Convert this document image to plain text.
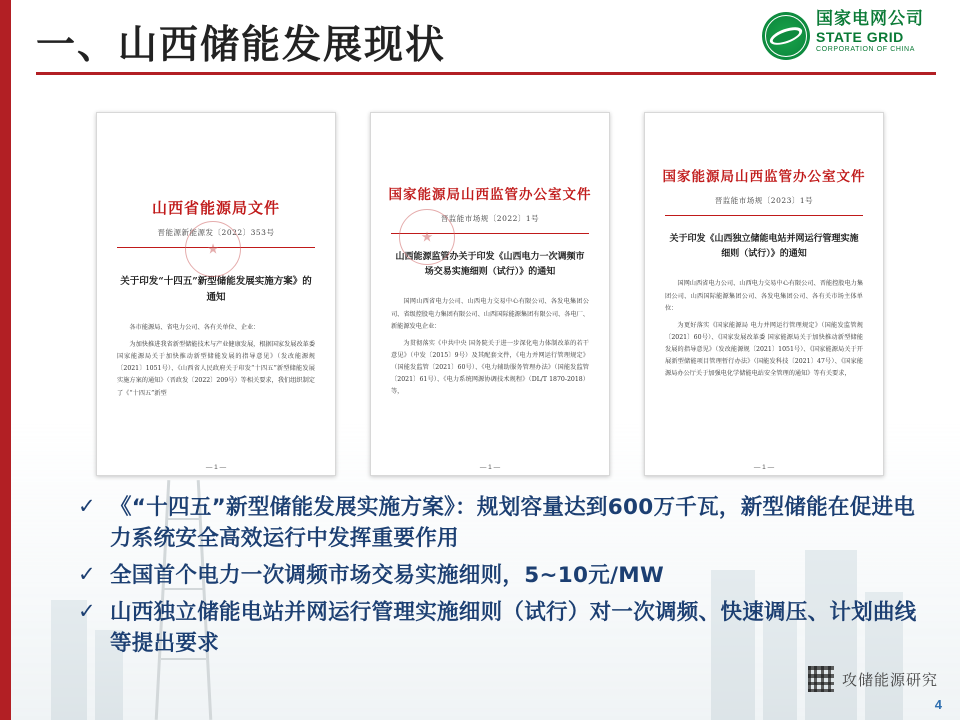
一、山西储能发展现状
国家电网公司
STATE GRID
CORPORATION OF CHINA
山西省能源局文件
晋能源新能源发〔2022〕353号
关于印发“十四五”新型储能发展实施方案》的通知

各市能源局、省电力公司、各有关单位、企业：

为加快推进我省新型储能技术与产业健康发展，根据国家发展改革委 国家能源局关于加快推动新型储能发展的指导意见》（发改能源规〔2021〕1051号）、《山西省人民政府关于印发“十四五”新型储能发展实施方案的通知》（晋政发〔2022〕209号）等相关要求，我们组织制定了《“十四五”新型

★
— 1 —
国家能源局山西监管办公室文件
晋监能市场规〔2022〕1号
山西能源监管办关于印发《山西电力一次调频市场交易实施细则（试行）》的通知

国网山西省电力公司、山西电力交易中心有限公司、各发电集团公司、省级控股电力集团有限公司、山西国际能源集团有限公司、各电厂、新能源发电企业：

为贯彻落实《中共中央 国务院关于进一步深化电力体制改革的若干意见》（中发〔2015〕9号）及其配套文件，《电力并网运行管理规定》（国能发监管〔2021〕60号）、《电力辅助服务管理办法》（国能发监管〔2021〕61号）、《电力系统网源协调技术规程》（DL/T 1870-2018）等，

★
— 1 —
国家能源局山西监管办公室文件
晋监能市场规〔2023〕1号
关于印发《山西独立储能电站并网运行管理实施细则（试行）》的通知

国网山西省电力公司、山西电力交易中心有限公司、晋能控股电力集团公司、山西国际能源集团公司、各发电集团公司、各有关市场主体单位：

为更好落实《国家能源局 电力并网运行管理规定》（国能发监管规〔2021〕60号）、《国家发展改革委 国家能源局关于加快推动新型储能发展的指导意见》（发改能源规〔2021〕1051号）、《国家能源局关于开展新型储能项目管理暂行办法》（国能发科技〔2021〕47号）、《国家能源局办公厅关于加强电化学储能电站安全管理的通知》等有关要求，

— 1 —
✓ 《“十四五”新型储能发展实施方案》：规划容量达到600万千瓦，新型储能在促进电力系统安全高效运行中发挥重要作用
✓ 全国首个电力一次调频市场交易实施细则，5~10元/MW
✓ 山西独立储能电站并网运行管理实施细则（试行）对一次调频、快速调压、计划曲线等提出要求
攻储能源研究
4
